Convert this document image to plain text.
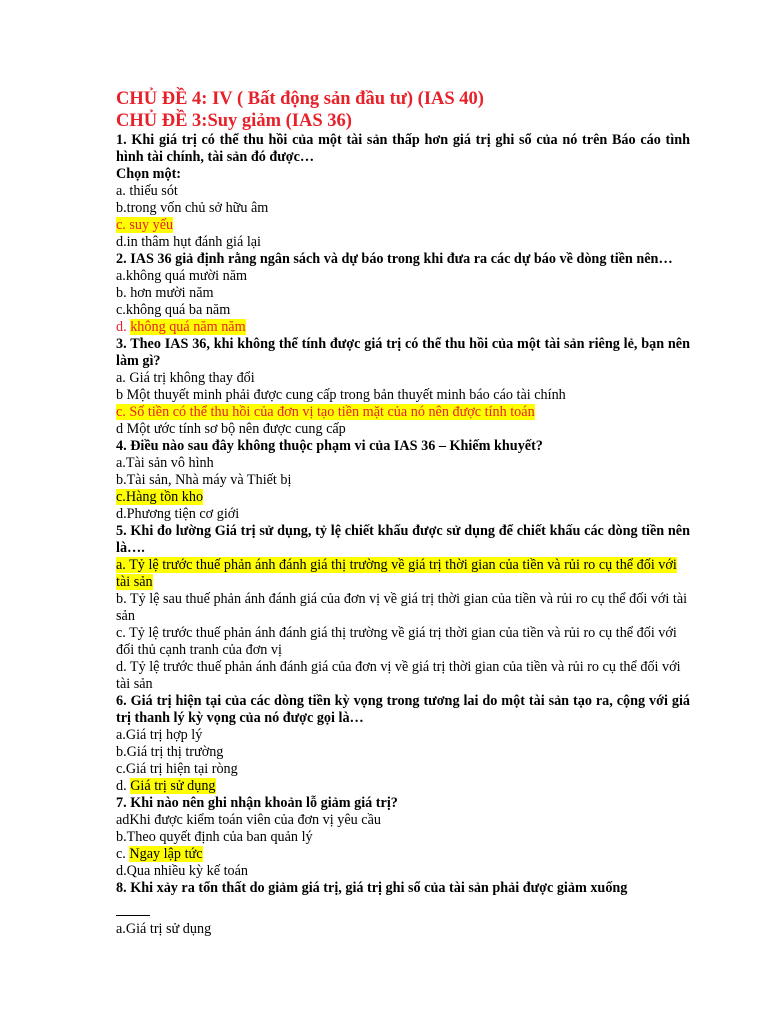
CHỦ ĐỀ 4: IV ( Bất động sản đầu tư) (IAS 40)

CHỦ ĐỀ 3:Suy giảm (IAS 36)

1. Khi giá trị có thể thu hồi của một tài sản thấp hơn giá trị ghi sổ của nó trên Báo cáo tình hình tài chính, tài sản đó được…

Chọn một:

a. thiếu sót

b.trong vốn chủ sở hữu âm

c. suy yếu

d.in thâm hụt đánh giá lại

2. IAS 36 giả định rằng ngân sách và dự báo trong khi đưa ra các dự báo về dòng tiền nên…

a.không quá mười năm

b. hơn mười năm

c.không quá ba năm

d. không quá năm năm

3. Theo IAS 36, khi không thể tính được giá trị có thể thu hồi của một tài sản riêng lẻ, bạn nên làm gì?

a. Giá trị không thay đổi

b Một thuyết minh phải được cung cấp trong bản thuyết minh báo cáo tài chính

c. Số tiền có thể thu hồi của đơn vị tạo tiền mặt của nó nên được tính toán

d Một ước tính sơ bộ nên được cung cấp

4. Điều nào sau đây không thuộc phạm vi của IAS 36 – Khiếm khuyết?

a.Tài sản vô hình

b.Tài sản, Nhà máy và Thiết bị

c.Hàng tồn kho

d.Phương tiện cơ giới

5. Khi đo lường Giá trị sử dụng, tỷ lệ chiết khấu được sử dụng để chiết khấu các dòng tiền nên là….

a. Tỷ lệ trước thuế phản ánh đánh giá thị trường về giá trị thời gian của tiền và rủi ro cụ thể đối với tài sản

b. Tỷ lệ sau thuế phản ánh đánh giá của đơn vị về giá trị thời gian của tiền và rủi ro cụ thể đối với tài sản

c. Tỷ lệ trước thuế phản ánh đánh giá thị trường về giá trị thời gian của tiền và rủi ro cụ thể đối với đối thủ cạnh tranh của đơn vị

d. Tỷ lệ trước thuế phản ánh đánh giá của đơn vị về giá trị thời gian của tiền và rủi ro cụ thể đối với tài sản

6. Giá trị hiện tại của các dòng tiền kỳ vọng trong tương lai do một tài sản tạo ra, cộng với giá trị thanh lý kỳ vọng của nó được gọi là…

a.Giá trị hợp lý

b.Giá trị thị trường

c.Giá trị hiện tại ròng

d. Giá trị sử dụng

7. Khi nào nên ghi nhận khoản lỗ giảm giá trị?

adKhi được kiểm toán viên của đơn vị yêu cầu

b.Theo quyết định của ban quản lý

c. Ngay lập tức

d.Qua nhiều kỳ kế toán

8. Khi xảy ra tổn thất do giảm giá trị, giá trị ghi sổ của tài sản phải được giảm xuống

a.Giá trị sử dụng
